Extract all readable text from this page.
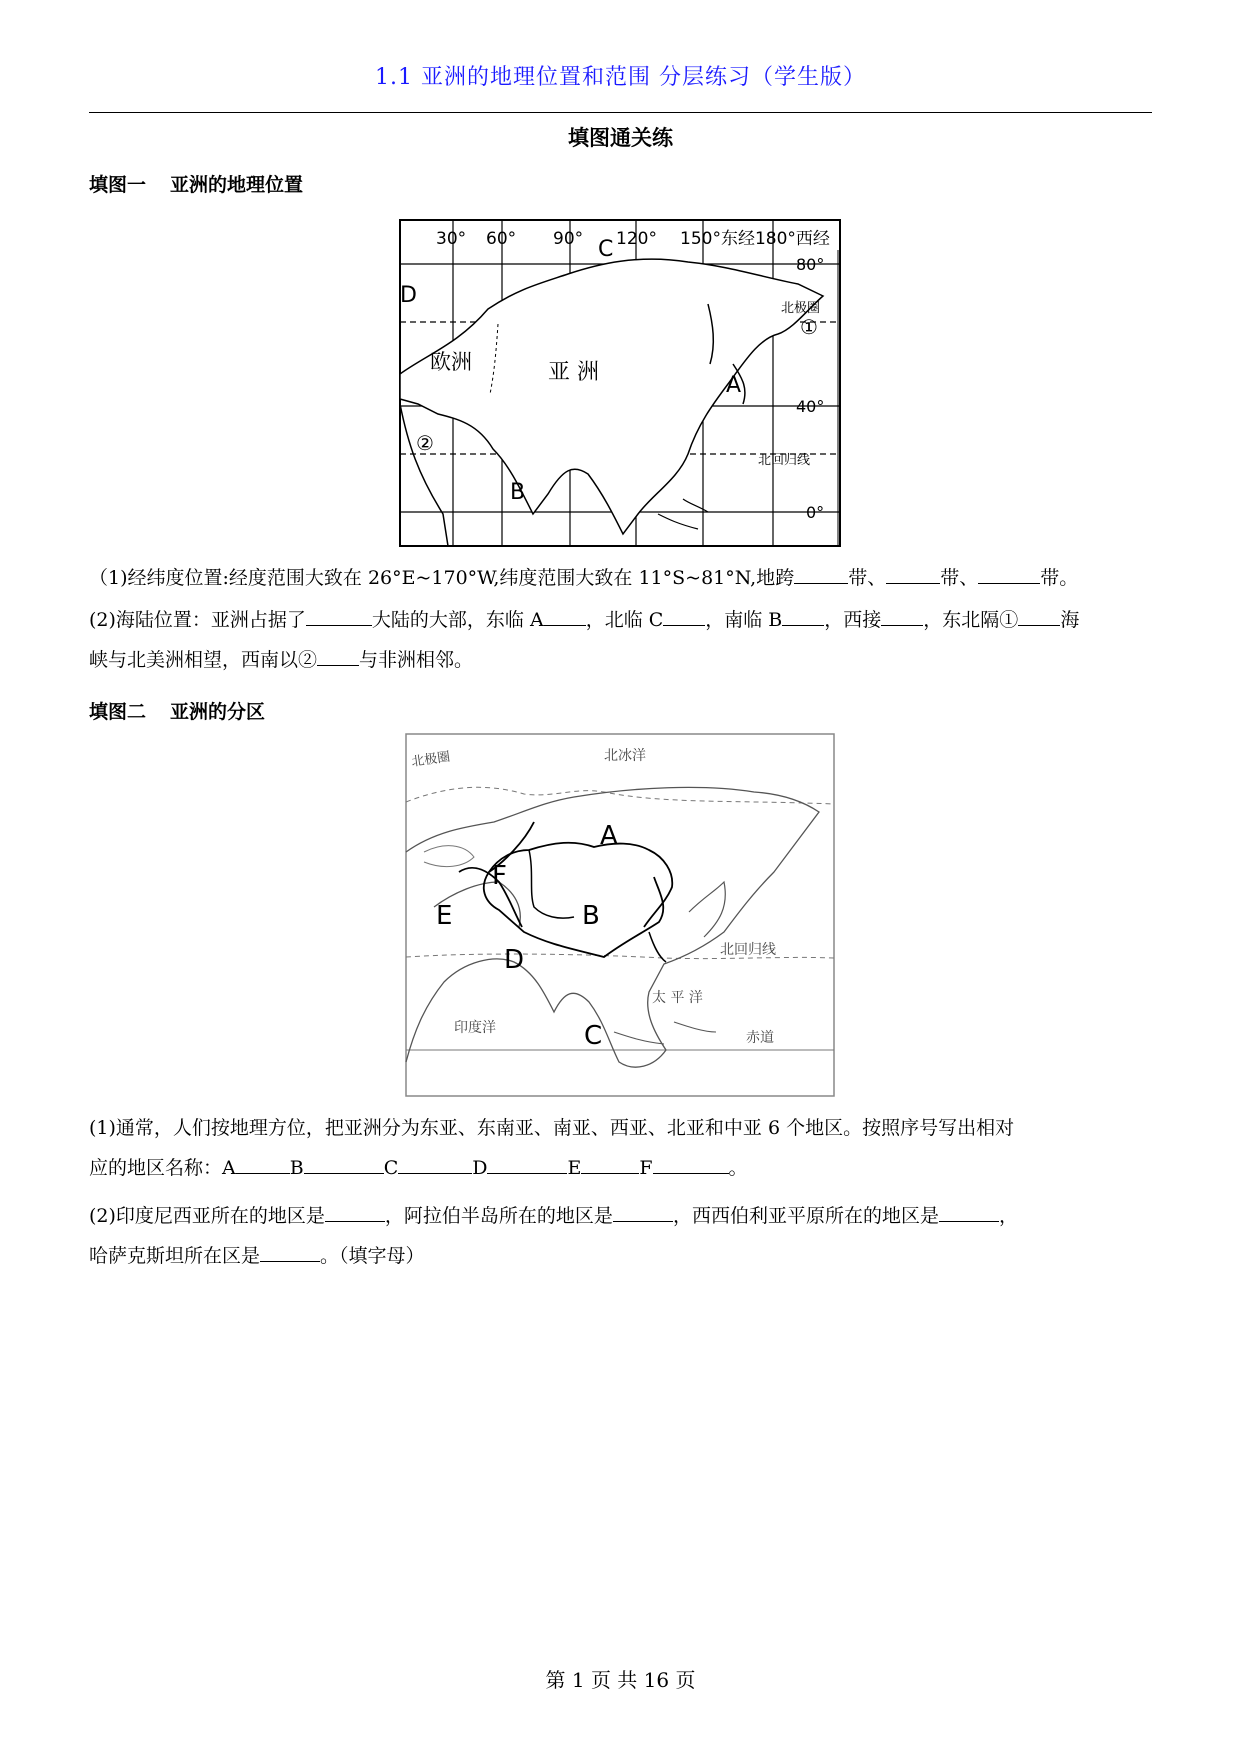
1.1 亚洲的地理位置和范围 分层练习（学生版）
填图通关练
填图一 亚洲的地理位置
30° 60° 90° 120° 150°东经180°西经
80°
40°
0°
北极圈
北回归线
欧洲	亚 洲
A
B
C
D
①
②
（1)经纬度位置:经度范围大致在 26°E~170°W,纬度范围大致在 11°S~81°N,地跨	带、	带、	带。
(2)海陆位置：亚洲占据了	大陆的大部，东临 A ，北临 C ，南临 B ，西接 ，东北隔① 海
峡与北美洲相望，西南以② 与非洲相邻。
填图二 亚洲的分区
北极圈	北冰洋
北回归线
太 平 洋
印度洋
赤道
A
B
C
D
E
F
(1)通常，人们按地理方位，把亚洲分为东亚、东南亚、南亚、西亚、北亚和中亚 6 个地区。按照序号写出相对
应的地区名称：A	B	C	D	E	F	。
(2)印度尼西亚所在的地区是	，阿拉伯半岛所在的地区是	，西西伯利亚平原所在的地区是	，
哈萨克斯坦所在区是	。（填字母）
第 1 页 共 16 页
